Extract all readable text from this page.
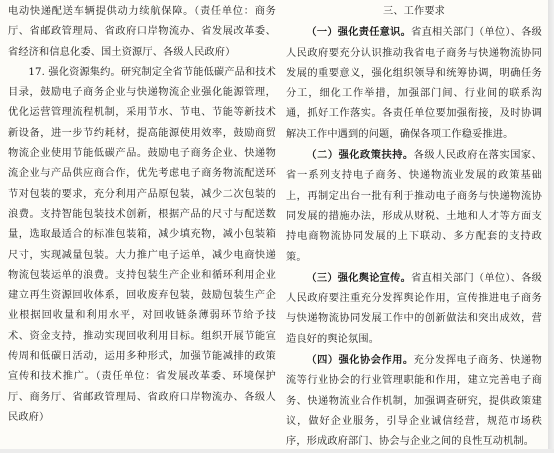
电动快递配送车辆提供动力续航保障。（责任单位：商务厅、省邮政管理局、省政府口岸物流办、省发展改革委、省经济和信息化委、国土资源厅、各级人民政府）

17. 强化资源集约。研究制定全省节能低碳产品和技术目录，鼓励电子商务企业与快递物流企业强化能源管理，优化运营管理流程机制，采用节水、节电、节能等新技术新设备，进一步节约耗材，提高能源使用效率，鼓励商贸物流企业使用节能低碳产品。鼓励电子商务企业、快递物流企业与产品供应商合作，优先考虑电子商务物流配送环节对包装的要求，充分利用产品原包装，减少二次包装的浪费。支持智能包装技术创新，根据产品的尺寸与配送数量，选取最适合的标准包装箱，减少填充物，减小包装箱尺寸，实现减量包装。大力推广电子运单，减少电商快递物流包装运单的浪费。支持包装生产企业和循环利用企业建立再生资源回收体系，回收废弃包装，鼓励包装生产企业根据回收量和利用水平，对回收链条薄弱环节给予技术、资金支持，推动实现回收利用目标。组织开展节能宣传周和低碳日活动，运用多种形式，加强节能减排的政策宣传和技术推广。（责任单位：省发展改革委、环境保护厅、商务厅、省邮政管理局、省政府口岸物流办、各级人民政府）

三、工作要求

（一）强化责任意识。省直相关部门（单位）、各级人民政府要充分认识推动我省电子商务与快递物流协同发展的重要意义，强化组织领导和统筹协调，明确任务分工，细化工作举措，加强部门间、行业间的联系沟通，抓好工作落实。各责任单位要加强衔接，及时协调解决工作中遇到的问题，确保各项工作稳妥推进。

（二）强化政策扶持。各级人民政府在落实国家、省一系列支持电子商务、快递物流业发展的政策基础上，再制定出台一批有利于推动电子商务与快递物流协同发展的措施办法，形成从财税、土地和人才等方面支持电商物流协同发展的上下联动、多方配套的支持政策。

（三）强化舆论宣传。省直相关部门（单位）、各级人民政府要注重充分发挥舆论作用，宣传推进电子商务与快递物流协同发展工作中的创新做法和突出成效，营造良好的舆论氛围。

（四）强化协会作用。充分发挥电子商务、快递物流等行业协会的行业管理职能和作用，建立完善电子商务、快递物流业合作机制，加强调查研究，提供政策建议，做好企业服务，引导企业诚信经营，规范市场秩序，形成政府部门、协会与企业之间的良性互动机制。
